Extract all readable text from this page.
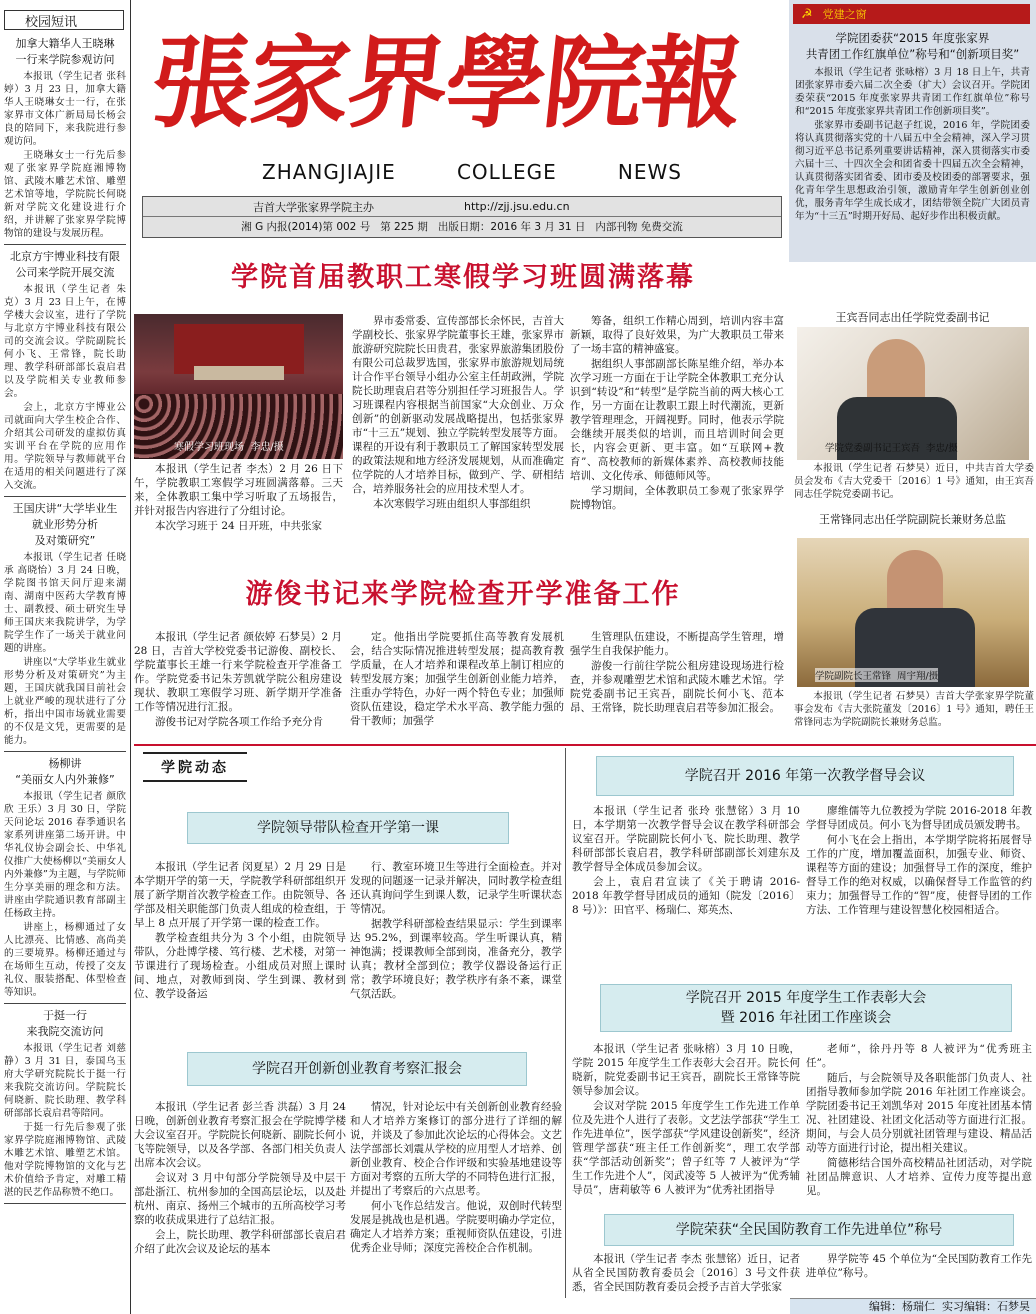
校园短讯
加拿大籍华人王晓琳
一行来学院参观访问

本报讯（学生记者 张科婷）3 月 23 日，加拿大籍华人王晓琳女士一行，在张家界市文体广新局局长杨会良的陪同下，来我院进行参观访问。

王晓琳女士一行先后参观了张家界学院庭湘博物馆、武陵木雕艺术馆、雕塑艺术馆等地，学院院长何晓新对学院文化建设进行介绍，并讲解了张家界学院博物馆的建设与发展历程。

北京方宇博业科技有限
公司来学院开展交流

本报讯（学生记者 朱克）3 月 23 日上午，在博学楼大会议室，进行了学院与北京方宇博业科技有限公司的交流会议。学院副院长何小飞、王常锋，院长助理、教学科研部部长袁启君以及学院相关专业教师参会。

会上，北京方宇博业公司就面向大学生校企合作、介绍其公司研发的虚拟仿真实训平台在学院的应用作用。学院领导与教师就平台在适用的相关问题进行了深入交流。

王国庆讲“大学毕业生
就业形势分析
及对策研究”

本报讯（学生记者 任晓承 高晓怡）3 月 24 日晚，学院图书馆天问厅迎来湖南、湖南中医药大学教育博士、副教授、硕士研究生导师王国庆来我院讲学，为学院学生作了一场关于就业问题的讲座。

讲座以“大学毕业生就业形势分析及对策研究”为主题，王国庆就我国目前社会上就业严峻的现状进行了分析，指出中国市场就业需要的不仅是文凭，更需要的是能力。

杨柳讲
“美丽女人内外兼修”

本报讯（学生记者 颜欣欣 王乐）3 月 30 日，学院天问论坛 2016 春季通识名家系列讲座第二场开讲。中华礼仪协会副会长、中华礼仪推广大使杨柳以“美丽女人内外兼修”为主题，与学院师生分享美丽的理念和方法。讲座由学院通识教育部副主任杨政主持。

讲座上，杨柳通过了女人比漂亮、比情感、高尚美的三要境界。杨柳还通过与在场师生互动，传授了交友礼仪、服装搭配、体型检查等知识。

于挺一行
来我院交流访问

本报讯（学生记者 刘慈静）3 月 31 日，泰国乌玉府大学研究院院长于挺一行来我院交流访问。学院院长何晓新、院长助理、教学科研部部长袁启君等陪同。

于挺一行先后参观了张家界学院庭湘博物馆、武陵木雕艺术馆、雕塑艺术馆。他对学院博物馆的文化与艺术价值给予肯定，对雕工精湛的民艺作品称赞不绝口。

張家界學院報
ZHANGJIAJIE	COLLEGE	NEWS
吉首大学张家界学院主办	http://zjj.jsu.edu.cn
湘 G 内报(2014)第 002 号   第 225 期   出版日期：2016 年 3 月 31 日   内部刊物 免费交流
☭ 党建之窗
学院团委获“2015 年度张家界
共青团工作红旗单位”称号和“创新项目奖”

本报讯（学生记者 张咏榕）3 月 18 日上午，共青团张家界市委六届二次全委（扩大）会议召开。学院团委荣获“2015 年度张家界共青团工作红旗单位”称号和“2015 年度张家界共青团工作创新项目奖”。

张家界市委副书记赵子红说，2016 年，学院团委将认真贯彻落实党的十八届五中全会精神，深入学习贯彻习近平总书记系列重要讲话精神，深入贯彻落实市委六届十三、十四次全会和团省委十四届五次全会精神，认真贯彻落实团省委、团市委及校团委的部署要求，强化青年学生思想政治引领，激励青年学生创新创业创优，服务青年学生成长成才，团结带领全院广大团员青年为“十三五”时期开好局、起好步作出积极贡献。

学院首届教职工寒假学习班圆满落幕
寒假学习班现场  李忠/摄

本报讯（学生记者 李杰）2 月 26 日下午，学院教职工寒假学习班圆满落幕。三天来，全体教职工集中学习听取了五场报告，并针对报告内容进行了分组讨论。

本次学习班于 24 日开班，中共张家

界市委常委、宣传部部长余怀民，吉首大学副校长、张家界学院董事长王雄，张家界市旅游研究院院长田贵君，张家界旅游集团股份有限公司总裁罗选国，张家界市旅游规划局统计合作平台领导小组办公室主任胡政洲，学院院长助理袁启君等分别担任学习班报告人。学习班课程内容根据当前国家“大众创业、万众创新”的创新驱动发展战略提出，包括张家界市“十三五”规划、独立学院转型发展等方面。课程的开设有利于教职员工了解国家转型发展的政策法规和地方经济发展规划，从而准确定位学院的人才培养目标，做到产、学、研相结合，培养服务社会的应用技术型人才。

本次寒假学习班由组织人事部组织

筹备，组织工作精心周到，培训内容丰富新颖，取得了良好效果，为广大教职员工带来了一场丰富的精神盛宴。

据组织人事部副部长陈星维介绍，举办本次学习班一方面在于让学院全体教职工充分认识到“转设”和“转型”是学院当前的两大核心工作，另一方面在让教职工跟上时代潮流，更新教学管理理念，开阔视野。同时，他表示学院会继续开展类似的培训，而且培训时间会更长，内容会更新、更丰富。如“互联网+教育”、高校教师的新媒体素养、高校教师技能培训、文化传承、师德师风等。

学习期间，全体教职员工参观了张家界学院博物馆。

王宾吾同志出任学院党委副书记
学院党委副书记王宾吾  李忠/摄

本报讯（学生记者 石梦昊）近日，中共吉首大学委员会发布《吉大党委干〔2016〕1 号》通知，由王宾吾同志任学院党委副书记。

王常锋同志出任学院副院长兼财务总监
学院副院长王常锋  周宇翔/摄

本报讯（学生记者 石梦昊）吉首大学张家界学院董事会发布《吉大张院董发〔2016〕1 号》通知，聘任王常锋同志为学院副院长兼财务总监。

游俊书记来学院检查开学准备工作

本报讯（学生记者 颜依婷 石梦昊）2 月 28 日，吉首大学校党委书记游俊、副校长、学院董事长王雄一行来学院检查开学准备工作。学院党委书记朱芳凯就学院公租房建设现状、教职工寒假学习班、新学期开学准备工作等情况进行汇报。

游俊书记对学院各项工作给予充分肯

定。他指出学院要抓住高等教育发展机会，结合实际情况推进转型发展；提高教育教学质量，在人才培养和课程改革上制订相应的转型发展方案；加强学生创新创业能力培养，注重办学特色，办好一两个特色专业；加强师资队伍建设，稳定学术水平高、教学能力强的骨干教师；加强学

生管理队伍建设，不断提高学生管理，增强学生自我保护能力。

游俊一行前往学院公租房建设现场进行检查，并参观雕塑艺术馆和武陵木雕艺术馆。学院党委副书记王宾吾，副院长何小飞、范本昂、王常锋，院长助理袁启君等参加汇报会。

学院动态
学院领导带队检查开学第一课

本报讯（学生记者 闵夏星）2 月 29 日是本学期开学的第一天，学院教学科研部组织开展了新学期首次教学检查工作。由院领导、各学部及相关职能部门负责人组成的检查组，于早上 8 点开展了开学第一课的检查工作。

教学检查组共分为 3 个小组，由院领导带队，分赴博学楼、笃行楼、艺术楼，对第一节课进行了现场检查。小组成员对照上课时间、地点，对教师到岗、学生到课、教材到位、教学设备运

行、教室环境卫生等进行全面检查。并对发现的问题逐一记录并解决，同时教学检查组还认真询问学生到课人数，记录学生听课状态等情况。

据教学科研部检查结果显示：学生到课率达 95.2%，到课率较高。学生听课认真，精神饱满；授课教师全部到岗，准备充分，教学认真；教材全部到位；教学仪器设备运行正常；教学环境良好；教学秩序有条不紊，课堂气氛活跃。

学院召开创新创业教育考察汇报会

本报讯（学生记者 彭兰香 洪磊）3 月 24 日晚，创新创业教育考察汇报会在学院博学楼大会议室召开。学院院长何晓新、副院长何小飞等院领导，以及各学部、各部门相关负责人出席本次会议。

会议对 3 月中旬部分学院领导及中层干部赴浙江、杭州参加的全国高层论坛，以及赴杭州、南京、扬州三个城市的五所高校学习考察的收获成果进行了总结汇报。

会上，院长助理、教学科研部部长袁启君介绍了此次会议及论坛的基本

情况，针对论坛中有关创新创业教育经验和人才培养方案修订的部分进行了详细的解说，并谈及了参加此次论坛的心得体会。文艺法学部部长刘震从学校的应用型人才培养、创新创业教育、校企合作评级和实验基地建设等方面对考察的五所大学的不同特色进行汇报，并提出了考察后的六点思考。

何小飞作总结发言。他说，双创时代转型发展是挑战也是机遇。学院要明确办学定位，确定人才培养方案；重视师资队伍建设，引进优秀企业导师；深度完善校企合作机制。

学院召开 2016 年第一次教学督导会议

本报讯（学生记者 张玲 张慧铭）3 月 10 日，本学期第一次教学督导会议在教学科研部会议室召开。学院副院长何小飞、院长助理、教学科研部部长袁启君，教学科研部副部长刘建东及教学督导全体成员参加会议。

会上，袁启君宣读了《关于聘请 2016-2018 年教学督导团成员的通知（院发〔2016〕8 号）》：田官平、杨瑞仁、郑英杰、

廖维儒等九位教授为学院 2016-2018 年教学督导团成员。何小飞为督导团成员颁发聘书。

何小飞在会上指出，本学期学院将拓展督导工作的广度，增加覆盖面积，加强专业、师资、课程等方面的建设；加强督导工作的深度，维护督导工作的绝对权威，以确保督导工作监管的约束力；加强督导工作的“智”度，使督导团的工作方法、工作管理与建设智慧化校园相适合。

学院召开 2015 年度学生工作表彰大会
暨 2016 年社团工作座谈会

本报讯（学生记者 张咏榕）3 月 10 日晚，学院 2015 年度学生工作表彰大会召开。院长何晓新，院党委副书记王宾吾，副院长王常锋等院领导参加会议。

会议对学院 2015 年度学生工作先进工作单位及先进个人进行了表彰。文艺法学部获“学生工作先进单位”，医学部获“学风建设创新奖”，经济管理学部获“班主任工作创新奖”，理工农学部获“学部活动创新奖”；曾子红等 7 人被评为“学生工作先进个人”，闵武凌等 5 人被评为“优秀辅导员”，唐莉敏等 6 人被评为“优秀社团指导

老师”，徐丹丹等 8 人被评为“优秀班主任”。

随后，与会院领导及各职能部门负责人、社团指导教师参加学院 2016 年社团工作座谈会。学院团委书记王刘凯华对 2015 年度社团基本情况、社团建设、社团文化活动等方面进行汇报。期间，与会人员分别就社团管理与建设、精品活动等方面进行讨论，提出相关建议。

简德彬结合国外高校精品社团活动，对学院社团品牌意识、人才培养、宣传力度等提出意见。

学院荣获“全民国防教育工作先进单位”称号

本报讯（学生记者 李杰 张慧铭）近日，记者从省全民国防教育委员会〔2016〕3 号文件获悉，省全民国防教育委员会授予吉首大学张家

界学院等 45 个单位为“全民国防教育工作先进单位”称号。

编辑：杨瑞仁  实习编辑：石梦昊
